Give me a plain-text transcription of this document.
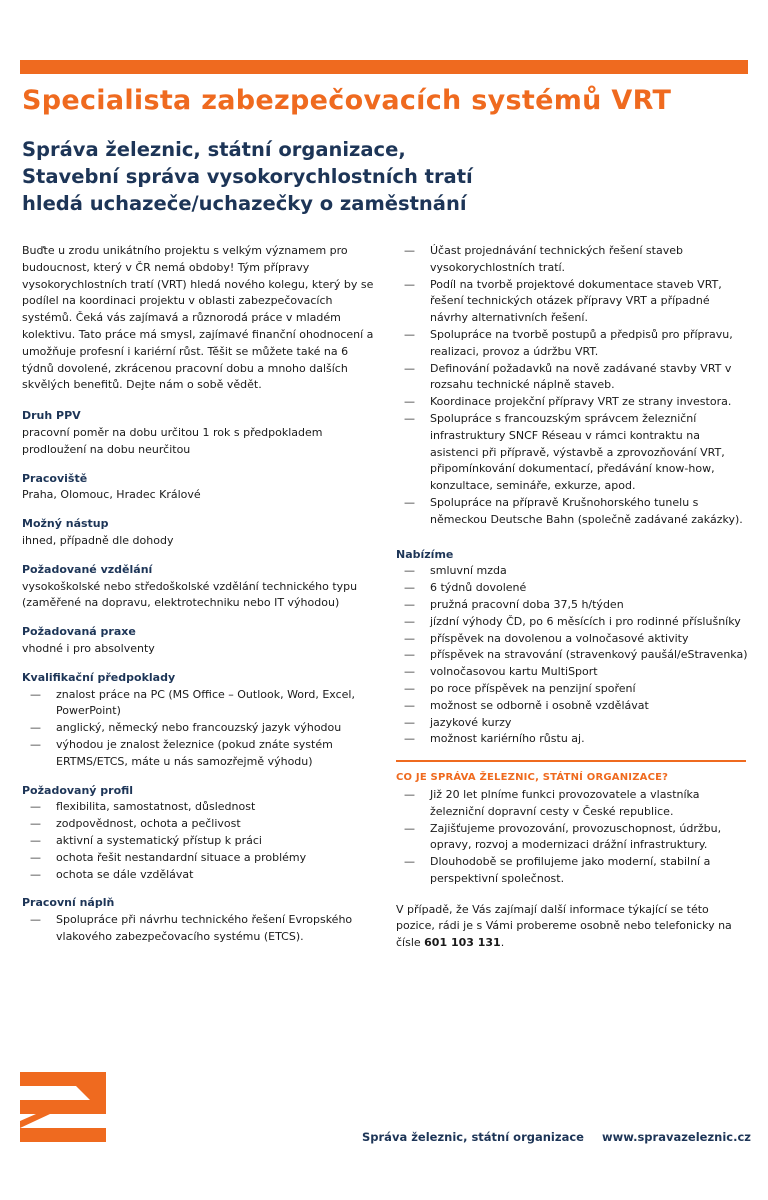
Specialista zabezpečovacích systémů VRT
Správa železnic, státní organizace,
Stavební správa vysokorychlostních tratí
hledá uchazeče/uchazečky o zaměstnání

Buďte u zrodu unikátního projektu s velkým významem pro budoucnost, který v ČR nemá obdoby! Tým přípravy vysokorychlostních tratí (VRT) hledá nového kolegu, který by se podílel na koordinaci projektu v oblasti zabezpečovacích systémů. Čeká vás zajímavá a různorodá práce v mladém kolektivu. Tato práce má smysl, zajímavé finanční ohodnocení a umožňuje profesní i kariérní růst. Těšit se můžete také na 6 týdnů dovolené, zkrácenou pracovní dobu a mnoho dalších skvělých benefitů. Dejte nám o sobě vědět.

Druh PPV
pracovní poměr na dobu určitou 1 rok s předpokladem prodloužení na dobu neurčitou
Pracoviště
Praha, Olomouc, Hradec Králové
Možný nástup
ihned, případně dle dohody
Požadované vzdělání
vysokoškolské nebo středoškolské vzdělání technického typu (zaměřené na dopravu, elektrotechniku nebo IT výhodou)
Požadovaná praxe
vhodné i pro absolventy
Kvalifikační předpoklady
— znalost práce na PC (MS Office – Outlook, Word, Excel, PowerPoint)
— anglický, německý nebo francouzský jazyk výhodou
— výhodou je znalost železnice (pokud znáte systém ERTMS/ETCS, máte u nás samozřejmě výhodu)
Požadovaný profil
— flexibilita, samostatnost, důslednost
— zodpovědnost, ochota a pečlivost
— aktivní a systematický přístup k práci
— ochota řešit nestandardní situace a problémy
— ochota se dále vzdělávat
Pracovní náplň
— Spolupráce při návrhu technického řešení Evropského vlakového zabezpečovacího systému (ETCS).
— Účast projednávání technických řešení staveb vysokorychlostních tratí.
— Podíl na tvorbě projektové dokumentace staveb VRT, řešení technických otázek přípravy VRT a případné návrhy alternativních řešení.
— Spolupráce na tvorbě postupů a předpisů pro přípravu, realizaci, provoz a údržbu VRT.
— Definování požadavků na nově zadávané stavby VRT v rozsahu technické náplně staveb.
— Koordinace projekční přípravy VRT ze strany investora.
— Spolupráce s francouzským správcem železniční infrastruktury SNCF Réseau v rámci kontraktu na asistenci při přípravě, výstavbě a zprovozňování VRT, připomínkování dokumentací, předávání know-how, konzultace, semináře, exkurze, apod.
— Spolupráce na přípravě Krušnohorského tunelu s německou Deutsche Bahn (společně zadávané zakázky).
Nabízíme
— smluvní mzda
— 6 týdnů dovolené
— pružná pracovní doba 37,5 h/týden
— jízdní výhody ČD, po 6 měsících i pro rodinné příslušníky
— příspěvek na dovolenou a volnočasové aktivity
— příspěvek na stravování (stravenkový paušál/eStravenka)
— volnočasovou kartu MultiSport
— po roce příspěvek na penzijní spoření
— možnost se odborně i osobně vzdělávat
— jazykové kurzy
— možnost kariérního růstu aj.
CO JE SPRÁVA ŽELEZNIC, STÁTNÍ ORGANIZACE?
— Již 20 let plníme funkci provozovatele a vlastníka železniční dopravní cesty v České republice.
— Zajišťujeme provozování, provozuschopnost, údržbu, opravy, rozvoj a modernizaci drážní infrastruktury.
— Dlouhodobě se profilujeme jako moderní, stabilní a perspektivní společnost.

V případě, že Vás zajímají další informace týkající se této pozice, rádi je s Vámi probereme osobně nebo telefonicky na čísle 601 103 131.

Správa železnic, státní organizace www.spravazeleznic.cz
